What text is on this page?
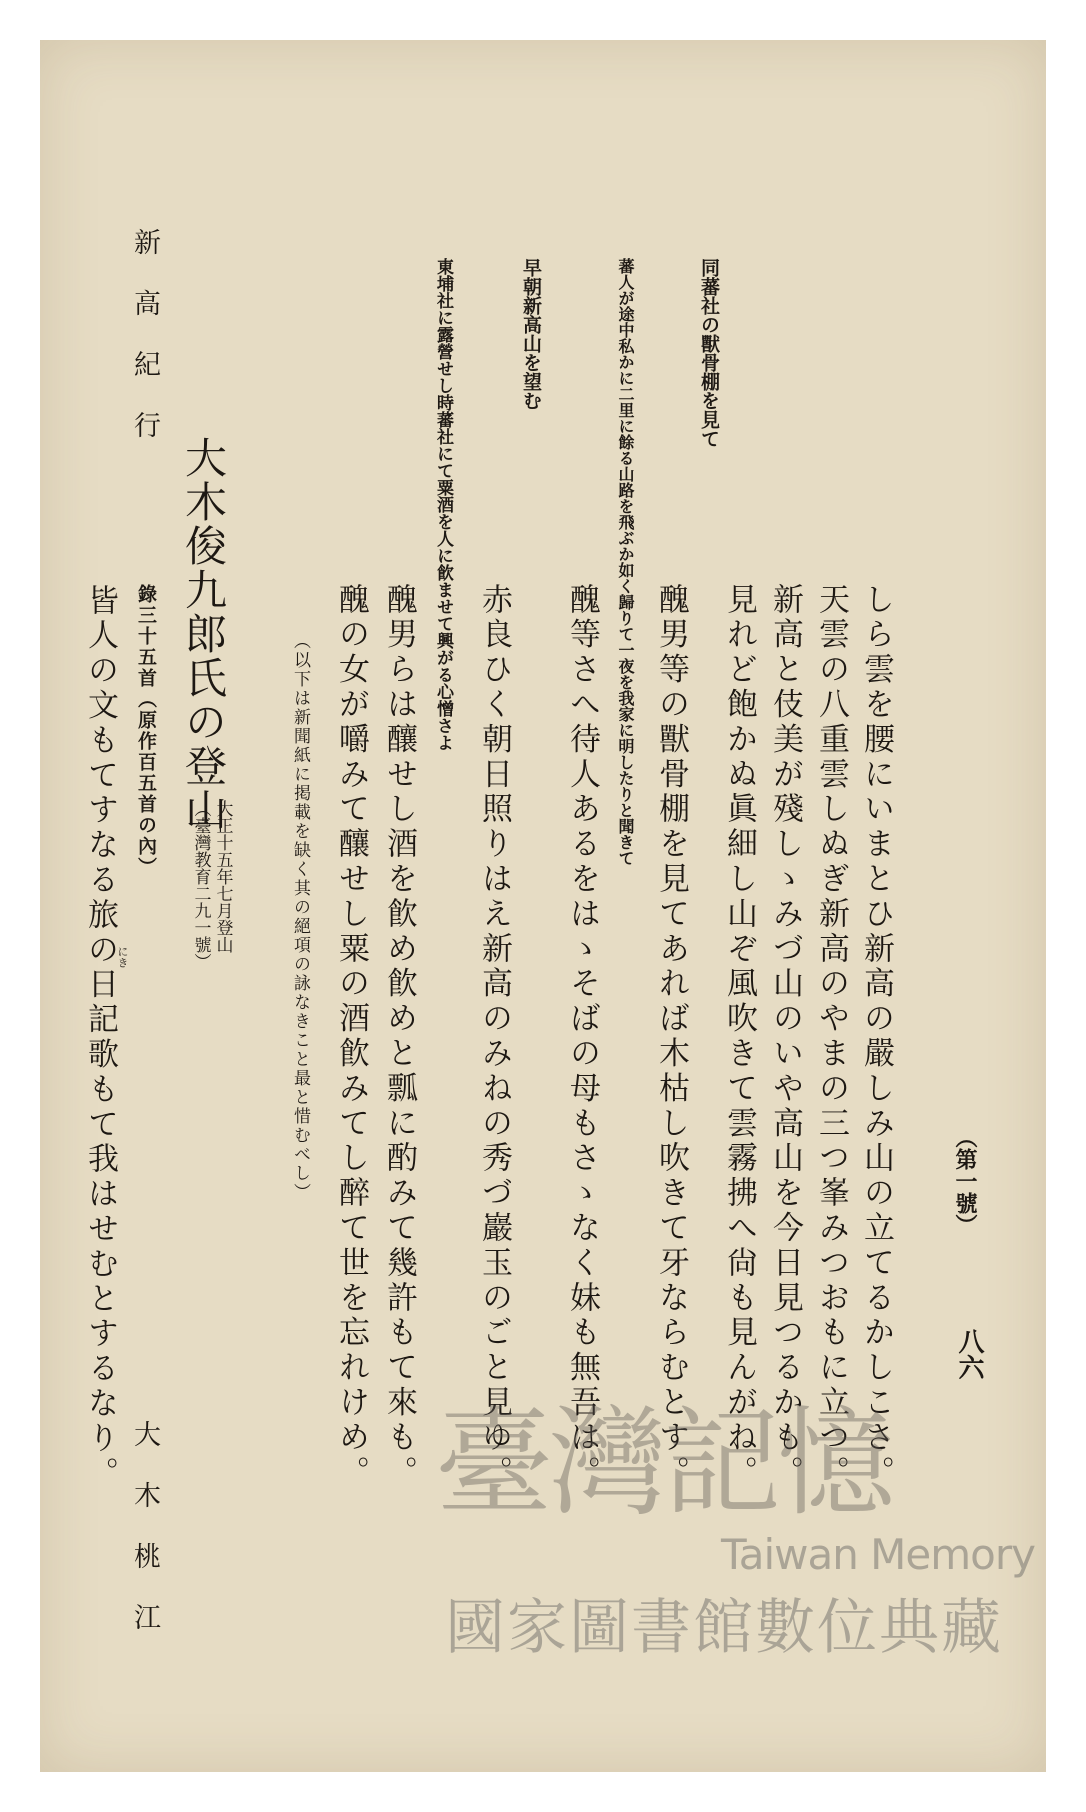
（第一號）
八六
しら雲を腰にいまとひ新高の嚴しみ山の立てるかしこさ。
天雲の八重雲しぬぎ新高のやまの三つ峯みつおもに立つ。
新高と伎美が殘しゝみづ山のいや高山を今日見つるかも。
見れど飽かぬ眞細し山ぞ風吹きて雲霧拂へ尙も見んがね。
同蕃社の獸骨棚を見て
醜男等の獸骨棚を見てあれば木枯し吹きて牙ならむとす。
蕃人が途中私かに二里に餘る山路を飛ぶか如く歸りて一夜を我家に明したりと聞きて
醜等さへ待人あるをはゝそばの母もさゝなく妹も無吾は。
早朝新高山を望む
赤良ひく朝日照りはえ新高のみねの秀づ巖玉のごと見ゆ。
東埔社に露營せし時蕃社にて粟酒を人に飮ませて興がる心憎さよ
醜男らは釀せし酒を飮め飮めと瓢に酌みて幾許もて來も。
醜の女が嚼みて釀せし粟の酒飮みてし醉て世を忘れけめ。
（以下は新聞紙に掲載を缺く其の絕項の詠なきこと最と惜むべし）
大木俊九郎氏の登山
大正十五年七月登山
（臺灣教育二九一號）
錄三十五首（原作百五首の內）
新高紀行
皆人の文もてすなる旅の日記歌もて我はせむとするなり。
にき
大木桃江 臺灣記憶
Taiwan Memory
國家圖書館數位典藏
